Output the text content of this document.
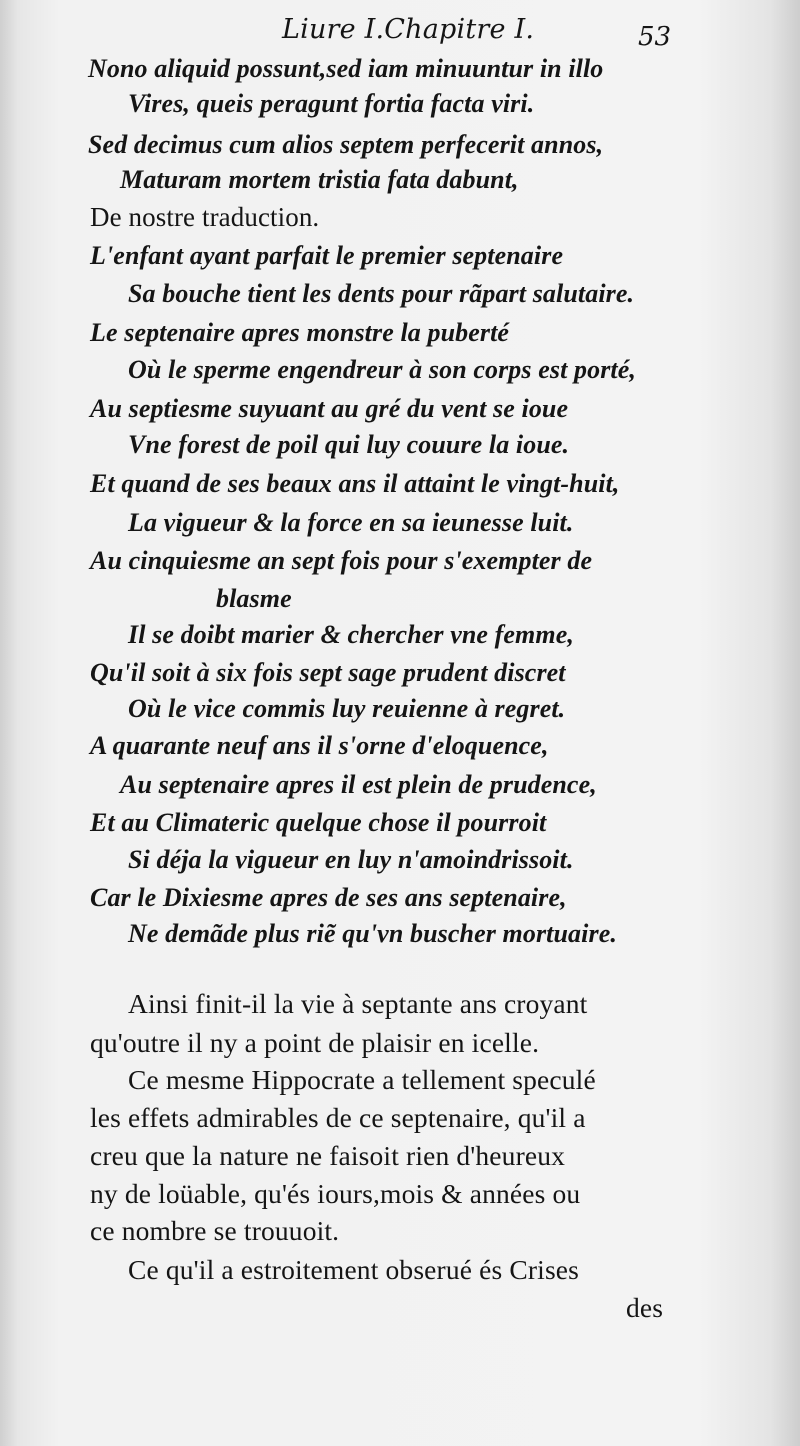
Liure I.Chapitre I.	53
Nono aliquid possunt,sed iam minuuntur in illo
Vires, queis peragunt fortia facta viri.
Sed decimus cum alios septem perfecerit annos,
Maturam mortem tristia fata dabunt,
De nostre traduction.
L'enfant ayant parfait le premier septenaire
Sa bouche tient les dents pour rãpart salutaire.
Le septenaire apres monstre la puberté
Où le sperme engendreur à son corps est porté,
Au septiesme suyuant au gré du vent se ioue
Vne forest de poil qui luy couure la ioue.
Et quand de ses beaux ans il attaint le vingt-huit,
La vigueur & la force en sa ieunesse luit.
Au cinquiesme an sept fois pour s'exempter de
blasme
Il se doibt marier & chercher vne femme,
Qu'il soit à six fois sept sage prudent discret
Où le vice commis luy reuienne à regret.
A quarante neuf ans il s'orne d'eloquence,
Au septenaire apres il est plein de prudence,
Et au Climateric quelque chose il pourroit
Si déja la vigueur en luy n'amoindrissoit.
Car le Dixiesme apres de ses ans septenaire,
Ne demãde plus riẽ qu'vn buscher mortuaire.
Ainsi finit-il la vie à septante ans croyant
qu'outre il ny a point de plaisir en icelle.
Ce mesme Hippocrate a tellement speculé
les effets admirables de ce septenaire, qu'il a
creu que la nature ne faisoit rien d'heureux
ny de loüable, qu'és iours,mois & années ou
ce nombre se trouuoit.
Ce qu'il a estroitement obserué és Crises
des
